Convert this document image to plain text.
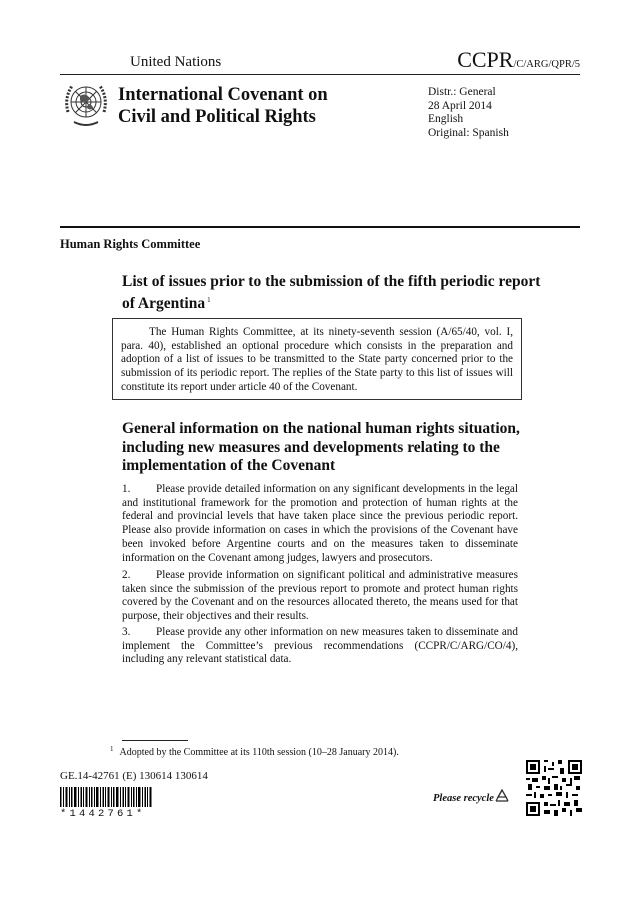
United Nations	CCPR/C/ARG/QPR/5
International Covenant on
Civil and Political Rights
Distr.: General
28 April 2014
English
Original: Spanish
Human Rights Committee
List of issues prior to the submission of the fifth periodic report of Argentina $^1$
The Human Rights Committee, at its ninety-seventh session (A/65/40, vol. I, para. 40), established an optional procedure which consists in the preparation and adoption of a list of issues to be transmitted to the State party concerned prior to the submission of its periodic report. The replies of the State party to this list of issues will constitute its report under article 40 of the Covenant.
General information on the national human rights situation, including new measures and developments relating to the implementation of the Covenant
1. Please provide detailed information on any significant developments in the legal and institutional framework for the promotion and protection of human rights at the federal and provincial levels that have taken place since the previous periodic report. Please also provide information on cases in which the provisions of the Covenant have been invoked before Argentine courts and on the measures taken to disseminate information on the Covenant among judges, lawyers and prosecutors.
2. Please provide information on significant political and administrative measures taken since the submission of the previous report to promote and protect human rights covered by the Covenant and on the resources allocated thereto, the means used for that purpose, their objectives and their results.
3. Please provide any other information on new measures taken to disseminate and implement the Committee’s previous recommendations (CCPR/C/ARG/CO/4), including any relevant statistical data.
$^1$ Adopted by the Committee at its 110th session (10–28 January 2014).
GE.14-42761 (E) 130614 130614
*1442761*
Please recycle
